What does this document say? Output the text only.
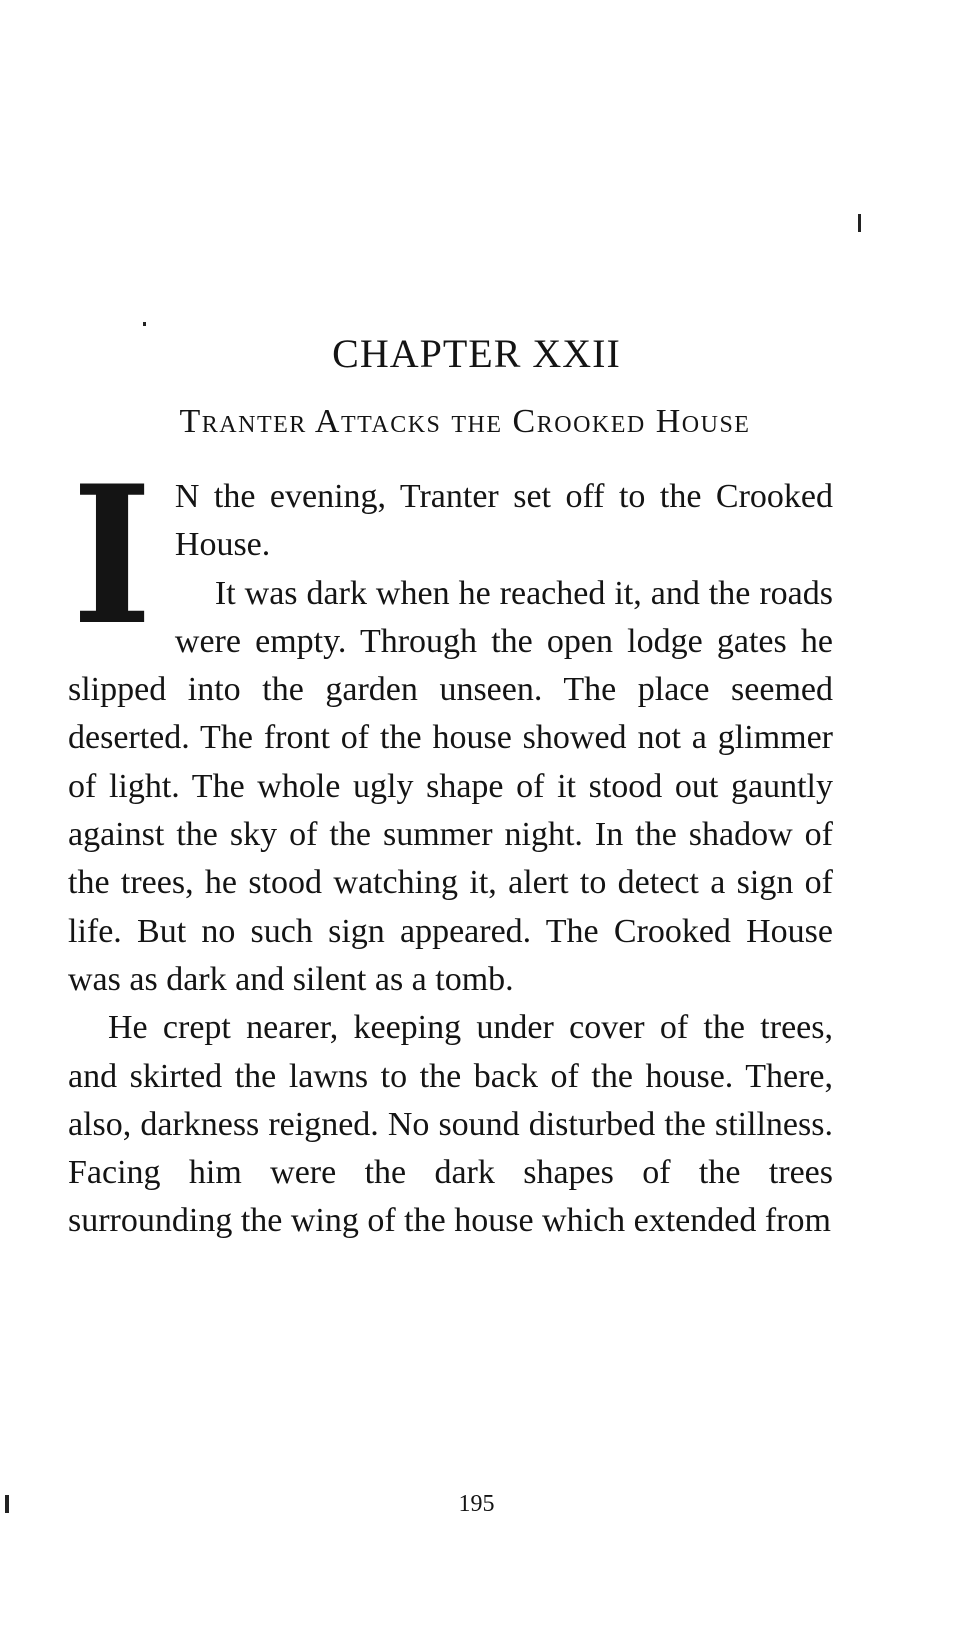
CHAPTER XXII
Tranter Attacks the Crooked House

I N the evening, Tranter set off to the Crooked House.

It was dark when he reached it, and the roads were empty. Through the open lodge gates he slipped into the garden unseen. The place seemed deserted. The front of the house showed not a glimmer of light. The whole ugly shape of it stood out gauntly against the sky of the summer night. In the shadow of the trees, he stood watching it, alert to detect a sign of life. But no such sign appeared. The Crooked House was as dark and silent as a tomb.

He crept nearer, keeping under cover of the trees, and skirted the lawns to the back of the house. There, also, darkness reigned. No sound disturbed the stillness. Facing him were the dark shapes of the trees surrounding the wing of the house which extended from

195
